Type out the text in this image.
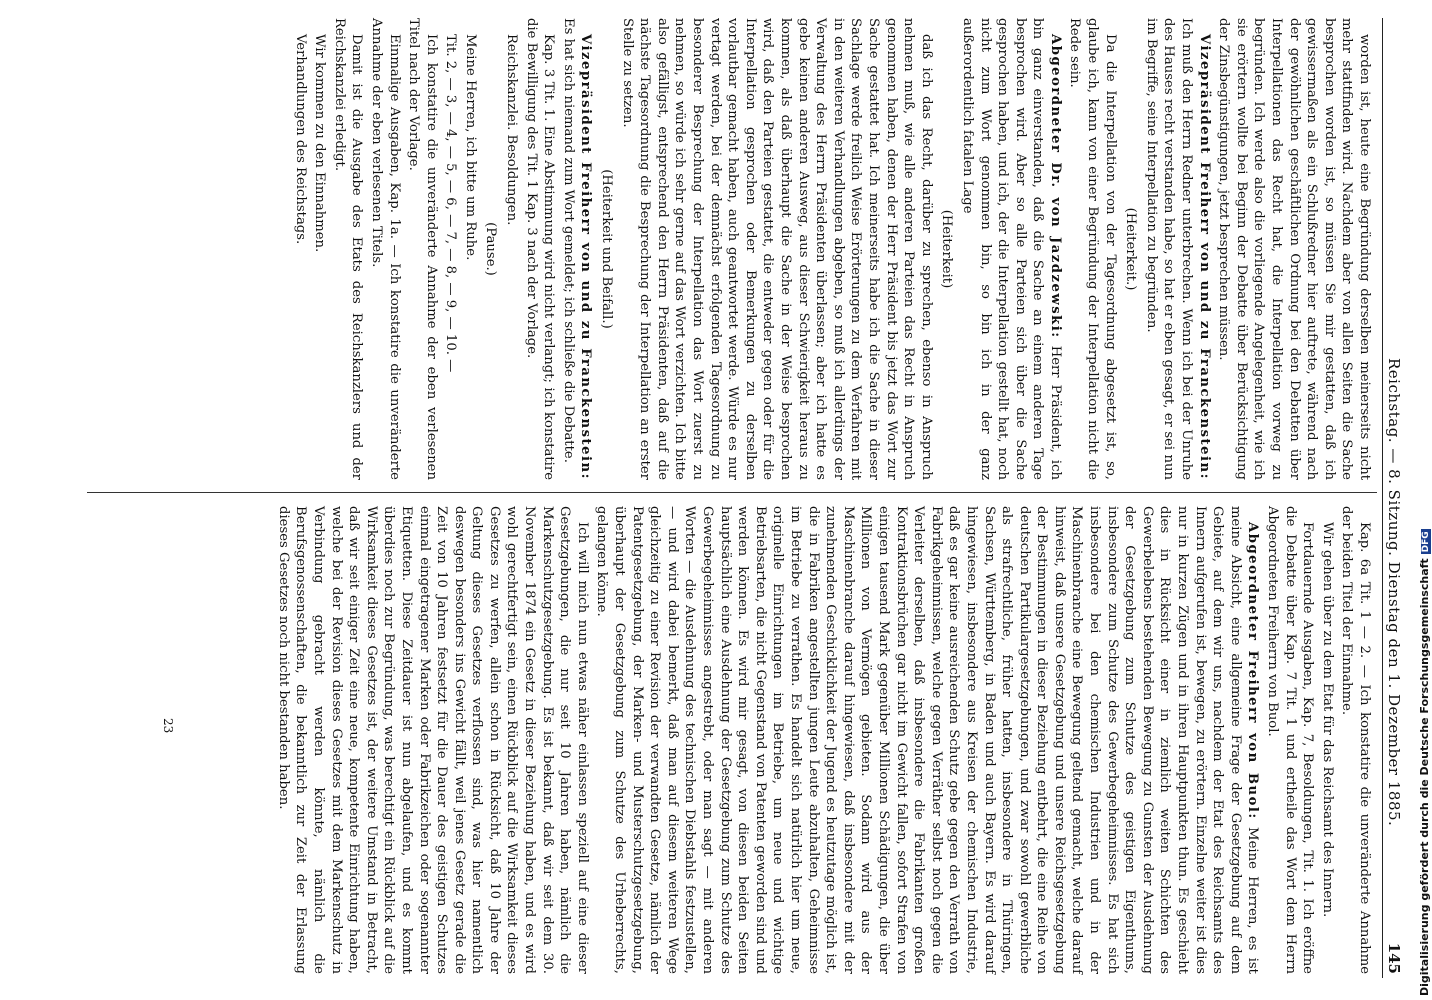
Reichstag. — 8. Sitzung. Dienstag den 1. Dezember 1885.
145

worden ist, heute eine Begründung derselben meinerseits nicht mehr stattfinden wird. Nachdem aber von allen Seiten die Sache besprochen worden ist, so müssen Sie mir gestatten, daß ich gewissermaßen als ein Schlußredner hier auftrete, während nach der gewöhnlichen geschäftlichen Ordnung bei den Debatten über Interpellationen das Recht hat, die Interpellation vorweg zu begründen. Ich werde also die vorliegende Angelegenheit, wie ich sie erörtern wollte bei Beginn der Debatte über Berücksichtigung der Zinsbegünstigungen, jetzt besprechen müssen.

Vizepräsident Freiherr von und zu Franckenstein: Ich muß den Herrn Redner unterbrechen. Wenn ich bei der Unruhe des Hauses recht verstanden habe, so hat er eben gesagt, er sei nun im Begriffe, seine Interpellation zu begründen.

(Heiterkeit.)

Da die Interpellation von der Tagesordnung abgesetzt ist, so, glaube ich, kann von einer Begründung der Interpellation nicht die Rede sein.

Abgeordneter Dr. von Jazdzewski: Herr Präsident, ich bin ganz einverstanden, daß die Sache an einem anderen Tage besprochen wird. Aber so alle Parteien sich über die Sache gesprochen haben, und ich, der die Interpellation gestellt hat, noch nicht zum Wort genommen bin, so bin ich in der ganz außerordentlich fatalen Lage

(Heiterkeit)

daß ich das Recht, darüber zu sprechen, ebenso in Anspruch nehmen muß, wie alle anderen Parteien das Recht in Anspruch genommen haben, denen der Herr Präsident bis jetzt das Wort zur Sache gestattet hat. Ich meinerseits habe ich die Sache in dieser Sachlage werde freilich Weise Erörterungen zu dem Verfahren mit in den weiteren Verhandlungen abgeben, so muß ich allerdings der Verwaltung des Herrn Präsidenten überlassen; aber ich hatte es gebe keinen anderen Ausweg, aus dieser Schwierigkeit heraus zu kommen, als daß überhaupt die Sache in der Weise besprochen wird, daß den Parteien gestattet, die entweder gegen oder für die Interpellation gesprochen oder Bemerkungen zu derselben vorlautbar gemacht haben, auch geantwortet werde. Würde es nur vertagt werden, bei der demnächst erfolgenden Tagesordnung zu besonderer Besprechung der Interpellation das Wort zuerst zu nehmen, so würde ich sehr gerne auf das Wort verzichten. Ich bitte also gefälligst, entsprechend den Herrn Präsidenten, daß auf die nächste Tagesordnung die Besprechung der Interpellation an erster Stelle zu setzen.

(Heiterkeit und Beifall.)

Vizepräsident Freiherr von und zu Franckenstein: Es hat sich niemand zum Wort gemeldet; ich schließe die Debatte.

Kap. 3 Tit. 1. Eine Abstimmung wird nicht verlangt; ich konstatire die Bewilligung des Tit. 1 Kap. 3 nach der Vorlage.

Reichskanzlei. Besoldungen.

(Pause.)

Meine Herren, ich bitte um Ruhe.

Tit. 2, — 3, — 4, — 5, — 6, — 7, — 8, — 9, — 10. —

Ich konstatire die unveränderte Annahme der eben verlesenen Titel nach der Vorlage.

Einmalige Ausgaben, Kap. 1a. — Ich konstatire die unveränderte Annahme der eben verlesenen Titels.

Damit ist die Ausgabe des Etats des Reichskanzlers und der Reichskanzlei erledigt.

Wir kommen zu den Einnahmen.

Verhandlungen des Reichstags.

Kap. 6a Tit. 1 — 2. — Ich konstatire die unveränderte Annahme der beiden Titel der Einnahme.

Wir gehen über zu dem Etat für das Reichsamt des Innern.

Fortdauernde Ausgaben, Kap. 7, Besoldungen, Tit. 1. Ich eröffne die Debatte über Kap. 7 Tit. 1 und ertheile das Wort dem Herrn Abgeordneten Freiherrn von Buol.

Abgeordneter Freiherr von Buol: Meine Herren, es ist meine Absicht, eine allgemeine Frage der Gesetzgebung auf dem Gebiete, auf dem wir uns, nachdem der Etat des Reichsamts des Innern aufgerufen ist, bewegen, zu erörtern. Einzelne weiter ist dies nur in kurzen Zügen und in ihren Hauptpunkten thun. Es geschieht dies in Rücksicht einer in ziemlich weiten Schichten des Gewerbelebens bestehenden Bewegung zu Gunsten der Ausdehnung der Gesetzgebung zum Schutze des geistigen Eigenthums, insbesondere zum Schutze des Gewerbegeheimnisses. Es hat sich insbesondere bei den chemischen Industrien und in der Maschinenbranche eine Bewegung geltend gemacht, welche darauf hinweist, daß unsere Gesetzgebung und unsere Reichsgesetzgebung der Bestimmungen in dieser Beziehung entbehrt, die eine Reihe von deutschen Partikulargesetzgebungen, und zwar sowohl gewerbliche als strafrechtliche, früher hatten, insbesondere in Thüringen, Sachsen, Württemberg, in Baden und auch Bayern. Es wird darauf hingewiesen, insbesondere aus Kreisen der chemischen Industrie, daß es gar keine ausreichenden Schutz gebe gegen den Verrath von Fabrikgeheimnissen, welche gegen Verräther selbst noch gegen die Verleiter derselben, daß insbesondere die Fabrikanten großen Kontraktionsbrüchen gar nicht im Gewicht fallen, sofort Strafen von einigen tausend Mark gegenüber Millionen Schädigungen, die über Millionen von Vermögen gebieten. Sodann wird aus der Maschinenbranche darauf hingewiesen, daß insbesondere mit der zunehmenden Geschicklichkeit der Jugend es heutzutage möglich ist, die in Fabriken angestellten jungen Leute abzuhalten, Geheimnisse im Betriebe zu verrathen. Es handelt sich natürlich hier um neue, originelle Einrichtungen im Betriebe, um neue und wichtige Betriebsarten, die nicht Gegenstand von Patenten geworden sind und werden können. Es wird mir gesagt, von diesen beiden Seiten hauptsächlich eine Ausdehnung der Gesetzgebung zum Schutze des Gewerbegeheimnisses angestrebt, oder man sagt — mit anderen Worten — die Ausdehnung des technischen Diebstahls festzustellen, — und wird dabei bemerkt, daß man auf diesem weiteren Wege gleichzeitig zu einer Revision der verwandten Gesetze, nämlich der Patentgesetzgebung, der Marken- und Musterschutzgesetzgebung, überhaupt der Gesetzgebung zum Schutze des Urheberrechts, gelangen könne.

Ich will mich nun etwas näher einlassen speziell auf eine dieser Gesetzgebungen, die nur seit 10 Jahren haben, nämlich die Markenschutzgesetzgebung. Es ist bekannt, daß wir seit dem 30. November 1874 ein Gesetz in dieser Beziehung haben, und es wird wohl gerechtfertigt sein, einen Rückblick auf die Wirksamkeit dieses Gesetzes zu werfen, allein schon in Rücksicht, daß 10 Jahre der Geltung dieses Gesetzes verflossen sind, was hier namentlich deswegen besonders ins Gewicht fällt, weil jenes Gesetz gerade die Zeit von 10 Jahren festsetzt für die Dauer des geistigen Schutzes einmal eingetragener Marken oder Fabrikzeichen oder sogenannter Etiquetten. Diese Zeitdauer ist nun abgelaufen, und es kommt überdies noch zur Begründung, was berechtigt ein Rückblick auf die Wirksamkeit dieses Gesetzes ist, der weitere Umstand in Betracht, daß wir seit einiger Zeit eine neue, kompetente Einrichtung haben, welche bei der Revision dieses Gesetzes mit dem Markenschutz in Verbindung gebracht werden könnte, nämlich die Berufsgenossenschaften, die bekanntlich zur Zeit der Erlassung dieses Gesetzes noch nicht bestanden haben.

23	Digitalisierung gefördert durch die Deutsche ForschungsgemeinschaftDFG
